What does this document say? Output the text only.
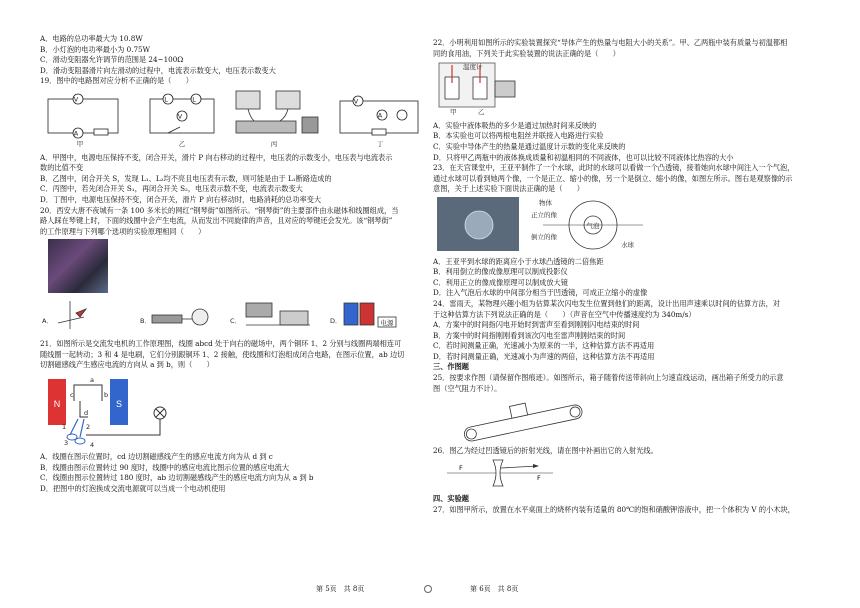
A．电路的总功率最大为 10.8W
B．小灯泡的电功率最小为 0.75W
C．滑动变阻器允许调节的范围是 24~100Ω
D．滑动变阻器滑片向左滑动的过程中，电流表示数变大，电压表示数变大
19．图中的电路图对应分析不正确的是（　　）
V
A
甲
L	L
V
乙	丙
V
A
丁
A．甲图中，电源电压保持不变，闭合开关，滑片 P 向右移动的过程中，电压表的示数变小，电压表与电流表示
数的比值不变
B．乙图中，闭合开关 S，发现 L₁、L₂均不亮且电压表有示数，则可能是由于 L₁断路造成的
C．丙图中，若先闭合开关 S₁，再闭合开关 S₂，电压表示数不变，电流表示数变大
D．丁图中，电源电压保持不变，闭合开关，滑片 P 向右移动时，电路消耗的总功率变大
20．西安大唐不夜城有一条 100 多米长的网红“钢琴街”如图所示。“钢琴街”的主要部件由永磁体和线圈组成，当
路人踩在琴键上时，下面的线圈中会产生电流，从而发出不同旋律的声音，且对应的琴键还会发光。该“钢琴街”
的工作原理与下列哪个选项的实验原理相同（　　）
A．	B．	C．	D．	电源
21．如图所示是交流发电机的工作原理图，线圈 abcd 处于向右的磁场中，两个铜环 1、2 分别与线圈两端相连可
随线圈一起转动；3 和 4 是电刷，它们分别跟铜环 1、2 接触，使线圈和灯泡组成闭合电路，在图示位置，ab 边切
切割磁感线产生感应电流的方向从 a 到 b，则（　　）
N	S
a
b
c
d
1	2
3	4
A．线圈在图示位置时，cd 边切割磁感线产生的感应电流方向为从 d 到 c
B．线圈由图示位置转过 90 度时，线圈中的感应电流比图示位置的感应电流大
C．线圈由图示位置转过 180 度时，ab 边切割磁感线产生的感应电流方向为从 a 到 b
D．把图中的灯泡换成交流电源就可以当成一个电动机使用
22．小明利用如图所示的实验装置探究“导体产生的热量与电阻大小的关系”。甲、乙两瓶中装有质量与初温都相
同的食用油，下列关于此实验装置的说法正确的是（　　）
温度计
甲	乙
A．实验中液体吸热的多少是通过加热时间来反映的
B．本实验也可以将两根电阻丝并联接入电路进行实验
C．实验中导体产生的热量是通过温度计示数的变化来反映的
D．只将甲乙两瓶中的液体换成质量和初温相同的不同液体，也可以比较不同液体比热容的大小
23．在天宫课堂中，王亚平制作了一个水球，此时的水球可以看做一个凸透镜，接着她向水球中间注入一个气泡，
通过水球可以看到她两个像，一个是正立、缩小的像，另一个是倒立、缩小的像，如图左所示。图右是观察像的示
意图，关于上述实验下面说法正确的是（　　）
物体
正立的像
倒立的像
气泡
水球
A．王亚平到水球的距离应小于水球凸透镜的二倍焦距
B．利用倒立的像成像原理可以制成投影仪
C．利用正立的像成像原理可以制成放大镜
D．注入气泡后水球的中间部分相当于凹透镜，可成正立缩小的虚像
24．雷雨天，某物理兴趣小组为估算某次闪电发生位置到他们的距离，设计出用声速乘以时间的估算方法，对
于这种估算方法下列说法正确的是（　　）（声音在空气中传播速度约为 340m/s）
A．方案中的时间指闪电开始时到雷声至看到刚刚闪电结束的时间
B．方案中的时间指刚刚看到该次闪电至雷声刚刚结束的时间
C．若时间测量正确，光速减小为原来的一半，这种估算方法不再适用
D．若时间测量正确，光速减小为声速的两倍，这种估算方法不再适用
三、作图题
25．按要求作图（请保留作图痕迹）。如图所示，箱子随着传送带斜向上匀速直线运动，画出箱子所受力的示意
图（空气阻力不计）。
26．图乙为经过凹透镜后的折射光线，请在图中补画出它的入射光线。
F
F
四、实验题
27．如图甲所示，放置在水平桌面上的烧杯内装有适量的 80℃的饱和硝酸钾溶液中，把一个体积为 V 的小木块，
第 5页　共 8页	第 6页　共 8页
